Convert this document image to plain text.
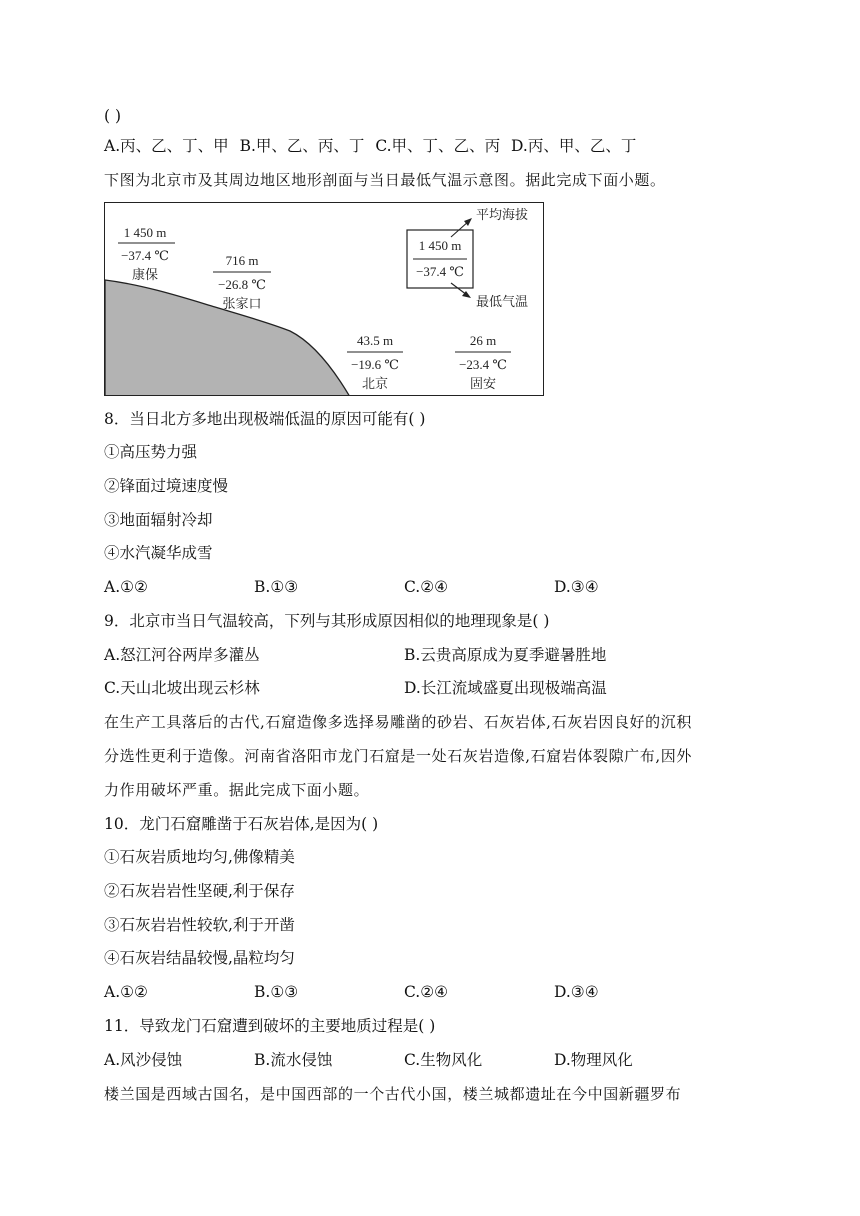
( )
A.丙、乙、丁、甲 B.甲、乙、丙、丁 C.甲、丁、乙、丙 D.丙、甲、乙、丁
下图为北京市及其周边地区地形剖面与当日最低气温示意图。据此完成下面小题。
1 450 m
−37.4 ℃
康保
716 m
−26.8 ℃
张家口
43.5 m
−19.6 ℃
北京
26 m
−23.4 ℃
固安
1 450 m
−37.4 ℃
平均海拔
最低气温
8．当日北方多地出现极端低温的原因可能有( )
①高压势力强
②锋面过境速度慢
③地面辐射冷却
④水汽凝华成雪
A.①②	B.①③	C.②④	D.③④
9．北京市当日气温较高，下列与其形成原因相似的地理现象是( )
A.怒江河谷两岸多灌丛	B.云贵高原成为夏季避暑胜地
C.天山北坡出现云杉林	D.长江流域盛夏出现极端高温
在生产工具落后的古代,石窟造像多选择易雕凿的砂岩、石灰岩体,石灰岩因良好的沉积
分选性更利于造像。河南省洛阳市龙门石窟是一处石灰岩造像,石窟岩体裂隙广布,因外
力作用破坏严重。据此完成下面小题。
10．龙门石窟雕凿于石灰岩体,是因为( )
①石灰岩质地均匀,佛像精美
②石灰岩岩性坚硬,利于保存
③石灰岩岩性较软,利于开凿
④石灰岩结晶较慢,晶粒均匀
A.①②	B.①③	C.②④	D.③④
11．导致龙门石窟遭到破坏的主要地质过程是( )
A.风沙侵蚀	B.流水侵蚀	C.生物风化	D.物理风化
楼兰国是西域古国名，是中国西部的一个古代小国，楼兰城都遗址在今中国新疆罗布
